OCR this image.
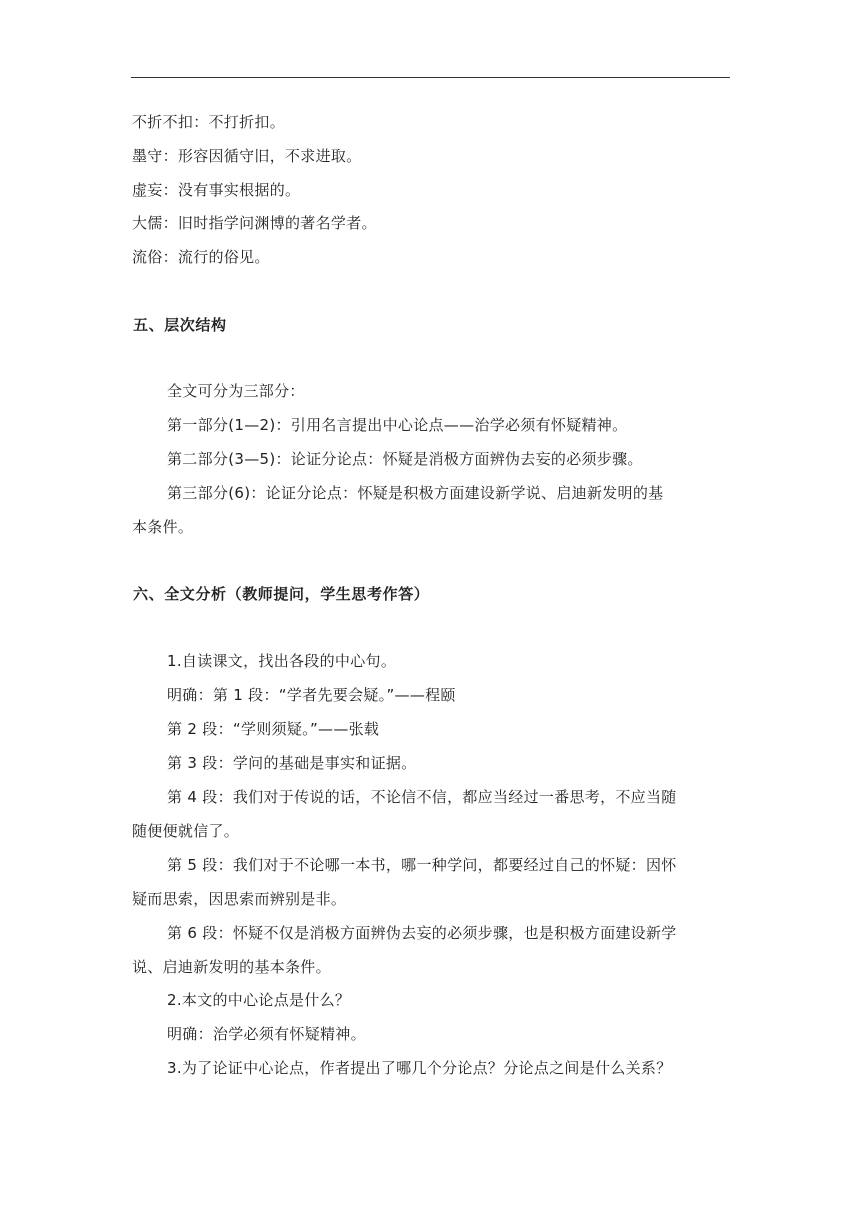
不折不扣：不打折扣。
墨守：形容因循守旧，不求进取。
虚妄：没有事实根据的。
大儒：旧时指学问渊博的著名学者。
流俗：流行的俗见。
五、层次结构
全文可分为三部分：
第一部分(1—2)：引用名言提出中心论点——治学必须有怀疑精神。
第二部分(3—5)：论证分论点：怀疑是消极方面辨伪去妄的必须步骤。
第三部分(6)：论证分论点：怀疑是积极方面建设新学说、启迪新发明的基
本条件。
六、全文分析（教师提问，学生思考作答）
1.自读课文，找出各段的中心句。
明确：第 1 段：“学者先要会疑。”——程颐
第 2 段：“学则须疑。”——张载
第 3 段：学问的基础是事实和证据。
第 4 段：我们对于传说的话，不论信不信，都应当经过一番思考，不应当随
随便便就信了。
第 5 段：我们对于不论哪一本书，哪一种学问，都要经过自己的怀疑：因怀
疑而思索，因思索而辨别是非。
第 6 段：怀疑不仅是消极方面辨伪去妄的必须步骤，也是积极方面建设新学
说、启迪新发明的基本条件。
2.本文的中心论点是什么？
明确：治学必须有怀疑精神。
3.为了论证中心论点，作者提出了哪几个分论点？分论点之间是什么关系？
